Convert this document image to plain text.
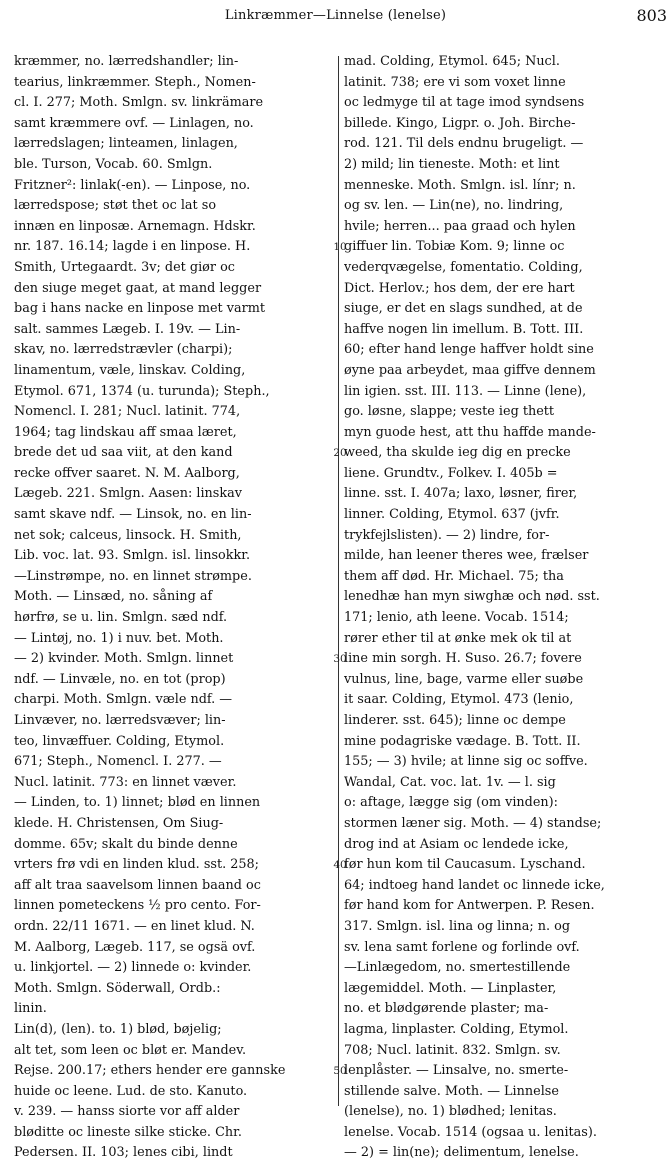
Linkræmmer—Linnelse (lenelse)	803
kræmmer, no. lærredshandler; lin-
tearius, linkræmmer. Steph., Nomen-
cl. I. 277; Moth. Smlgn. sv. linkrämare
samt kræmmere ovf. — Linlagen, no.
lærredslagen; linteamen, linlagen,
ble. Turson, Vocab. 60. Smlgn.
Fritzner²: linlak(-en). — Linpose, no.
lærredspose; støt thet oc lat so
innæn en linposæ. Arnemagn. Hdskr.
nr. 187. 16.14; lagde i en linpose. H.
Smith, Urtegaardt. 3v; det giør oc
den siuge meget gaat, at mand legger
bag i hans nacke en linpose met varmt
salt. sammes Lægeb. I. 19v. — Lin-
skav, no. lærredstrævler (charpi);
linamentum, væle, linskav. Colding,
Etymol. 671, 1374 (u. turunda); Steph.,
Nomencl. I. 281; Nucl. latinit. 774,
1964; tag lindskau aff smaa læret,
brede det ud saa viit, at den kand
recke offver saaret. N. M. Aalborg,
Lægeb. 221. Smlgn. Aasen: linskav
samt skave ndf. — Linsok, no. en lin-
net sok; calceus, linsock. H. Smith,
Lib. voc. lat. 93. Smlgn. isl. linsokkr.
—Linstrømpe, no. en linnet strømpe.
Moth. — Linsæd, no. såning af
hørfrø, se u. lin. Smlgn. sæd ndf.
— Lintøj, no. 1) i nuv. bet. Moth.
— 2) kvinder. Moth. Smlgn. linnet
ndf. — Linvæle, no. en tot (prop)
charpi. Moth. Smlgn. væle ndf. —
Linvæver, no. lærredsvæver; lin-
teo, linvæffuer. Colding, Etymol.
671; Steph., Nomencl. I. 277. —
Nucl. latinit. 773: en linnet væver.
— Linden, to. 1) linnet; blød en linnen
klede. H. Christensen, Om Siug-
domme. 65v; skalt du binde denne
vrters frø vdi en linden klud. sst. 258;
aff alt traa saavelsom linnen baand oc
linnen pometeckens ½ pro cento. For-
ordn. 22/11 1671. — en linet klud. N.
M. Aalborg, Lægeb. 117, se ogsä ovf.
u. linkjortel. — 2) linnede o: kvinder.
Moth. Smlgn. Söderwall, Ordb.:
linin.
Lin(d), (len). to. 1) blød, bøjelig;
alt tet, som leen oc bløt er. Mandev.
Rejse. 200.17; ethers hender ere gannske
huide oc leene. Lud. de sto. Kanuto.
v. 239. — hanss siorte vor aff alder
bløditte oc lineste silke sticke. Chr.
Pedersen. II. 103; lenes cibi, lindt
mad. Colding, Etymol. 645; Nucl.
latinit. 738; ere vi som voxet linne
oc ledmyge til at tage imod syndsens
billede. Kingo, Ligpr. o. Joh. Birche-
rod. 121. Til dels endnu brugeligt. —
2) mild; lin tieneste. Moth: et lint
menneske. Moth. Smlgn. isl. línr; n.
og sv. len. — Lin(ne), no. lindring,
hvile; herren... paa graad och hylen
giffuer lin. Tobiæ Kom. 9; linne oc
vederqvægelse, fomentatio. Colding,
Dict. Herlov.; hos dem, der ere hart
siuge, er det en slags sundhed, at de
haffve nogen lin imellum. B. Tott. III.
60; efter hand lenge haffver holdt sine
øyne paa arbeydet, maa giffve dennem
lin igien. sst. III. 113. — Linne (lene),
go. løsne, slappe; veste ieg thett
myn guode hest, att thu haffde mande-
weed, tha skulde ieg dig en precke
liene. Grundtv., Folkev. I. 405b =
linne. sst. I. 407a; laxo, løsner, firer,
linner. Colding, Etymol. 637 (jvfr.
trykfejlslisten). — 2) lindre, for-
milde, han leener theres wee, frælser
them aff død. Hr. Michael. 75; tha
lenedhæ han myn siwghæ och nød. sst.
171; lenio, ath leene. Vocab. 1514;
rører ether til at ønke mek ok til at
line min sorgh. H. Suso. 26.7; fovere
vulnus, line, bage, varme eller suøbe
it saar. Colding, Etymol. 473 (lenio,
linderer. sst. 645); linne oc dempe
mine podagriske vædage. B. Tott. II.
155; — 3) hvile; at linne sig oc soffve.
Wandal, Cat. voc. lat. 1v. — l. sig
o: aftage, lægge sig (om vinden):
stormen læner sig. Moth. — 4) standse;
drog ind at Asiam oc lendede icke,
før hun kom til Caucasum. Lyschand.
64; indtoeg hand landet oc linnede icke,
før hand kom for Antwerpen. P. Resen.
317. Smlgn. isl. lina og linna; n. og
sv. lena samt forlene og forlinde ovf.
—Linlægedom, no. smertestillende
lægemiddel. Moth. — Linplaster,
no. et blødgørende plaster; ma-
lagma, linplaster. Colding, Etymol.
708; Nucl. latinit. 832. Smlgn. sv.
lenplåster. — Linsalve, no. smerte-
stillende salve. Moth. — Linnelse
(lenelse), no. 1) blødhed; lenitas.
lenelse. Vocab. 1514 (ogsaa u. lenitas).
— 2) = lin(ne); delimentum, lenelse.
10
20
30
40
50
